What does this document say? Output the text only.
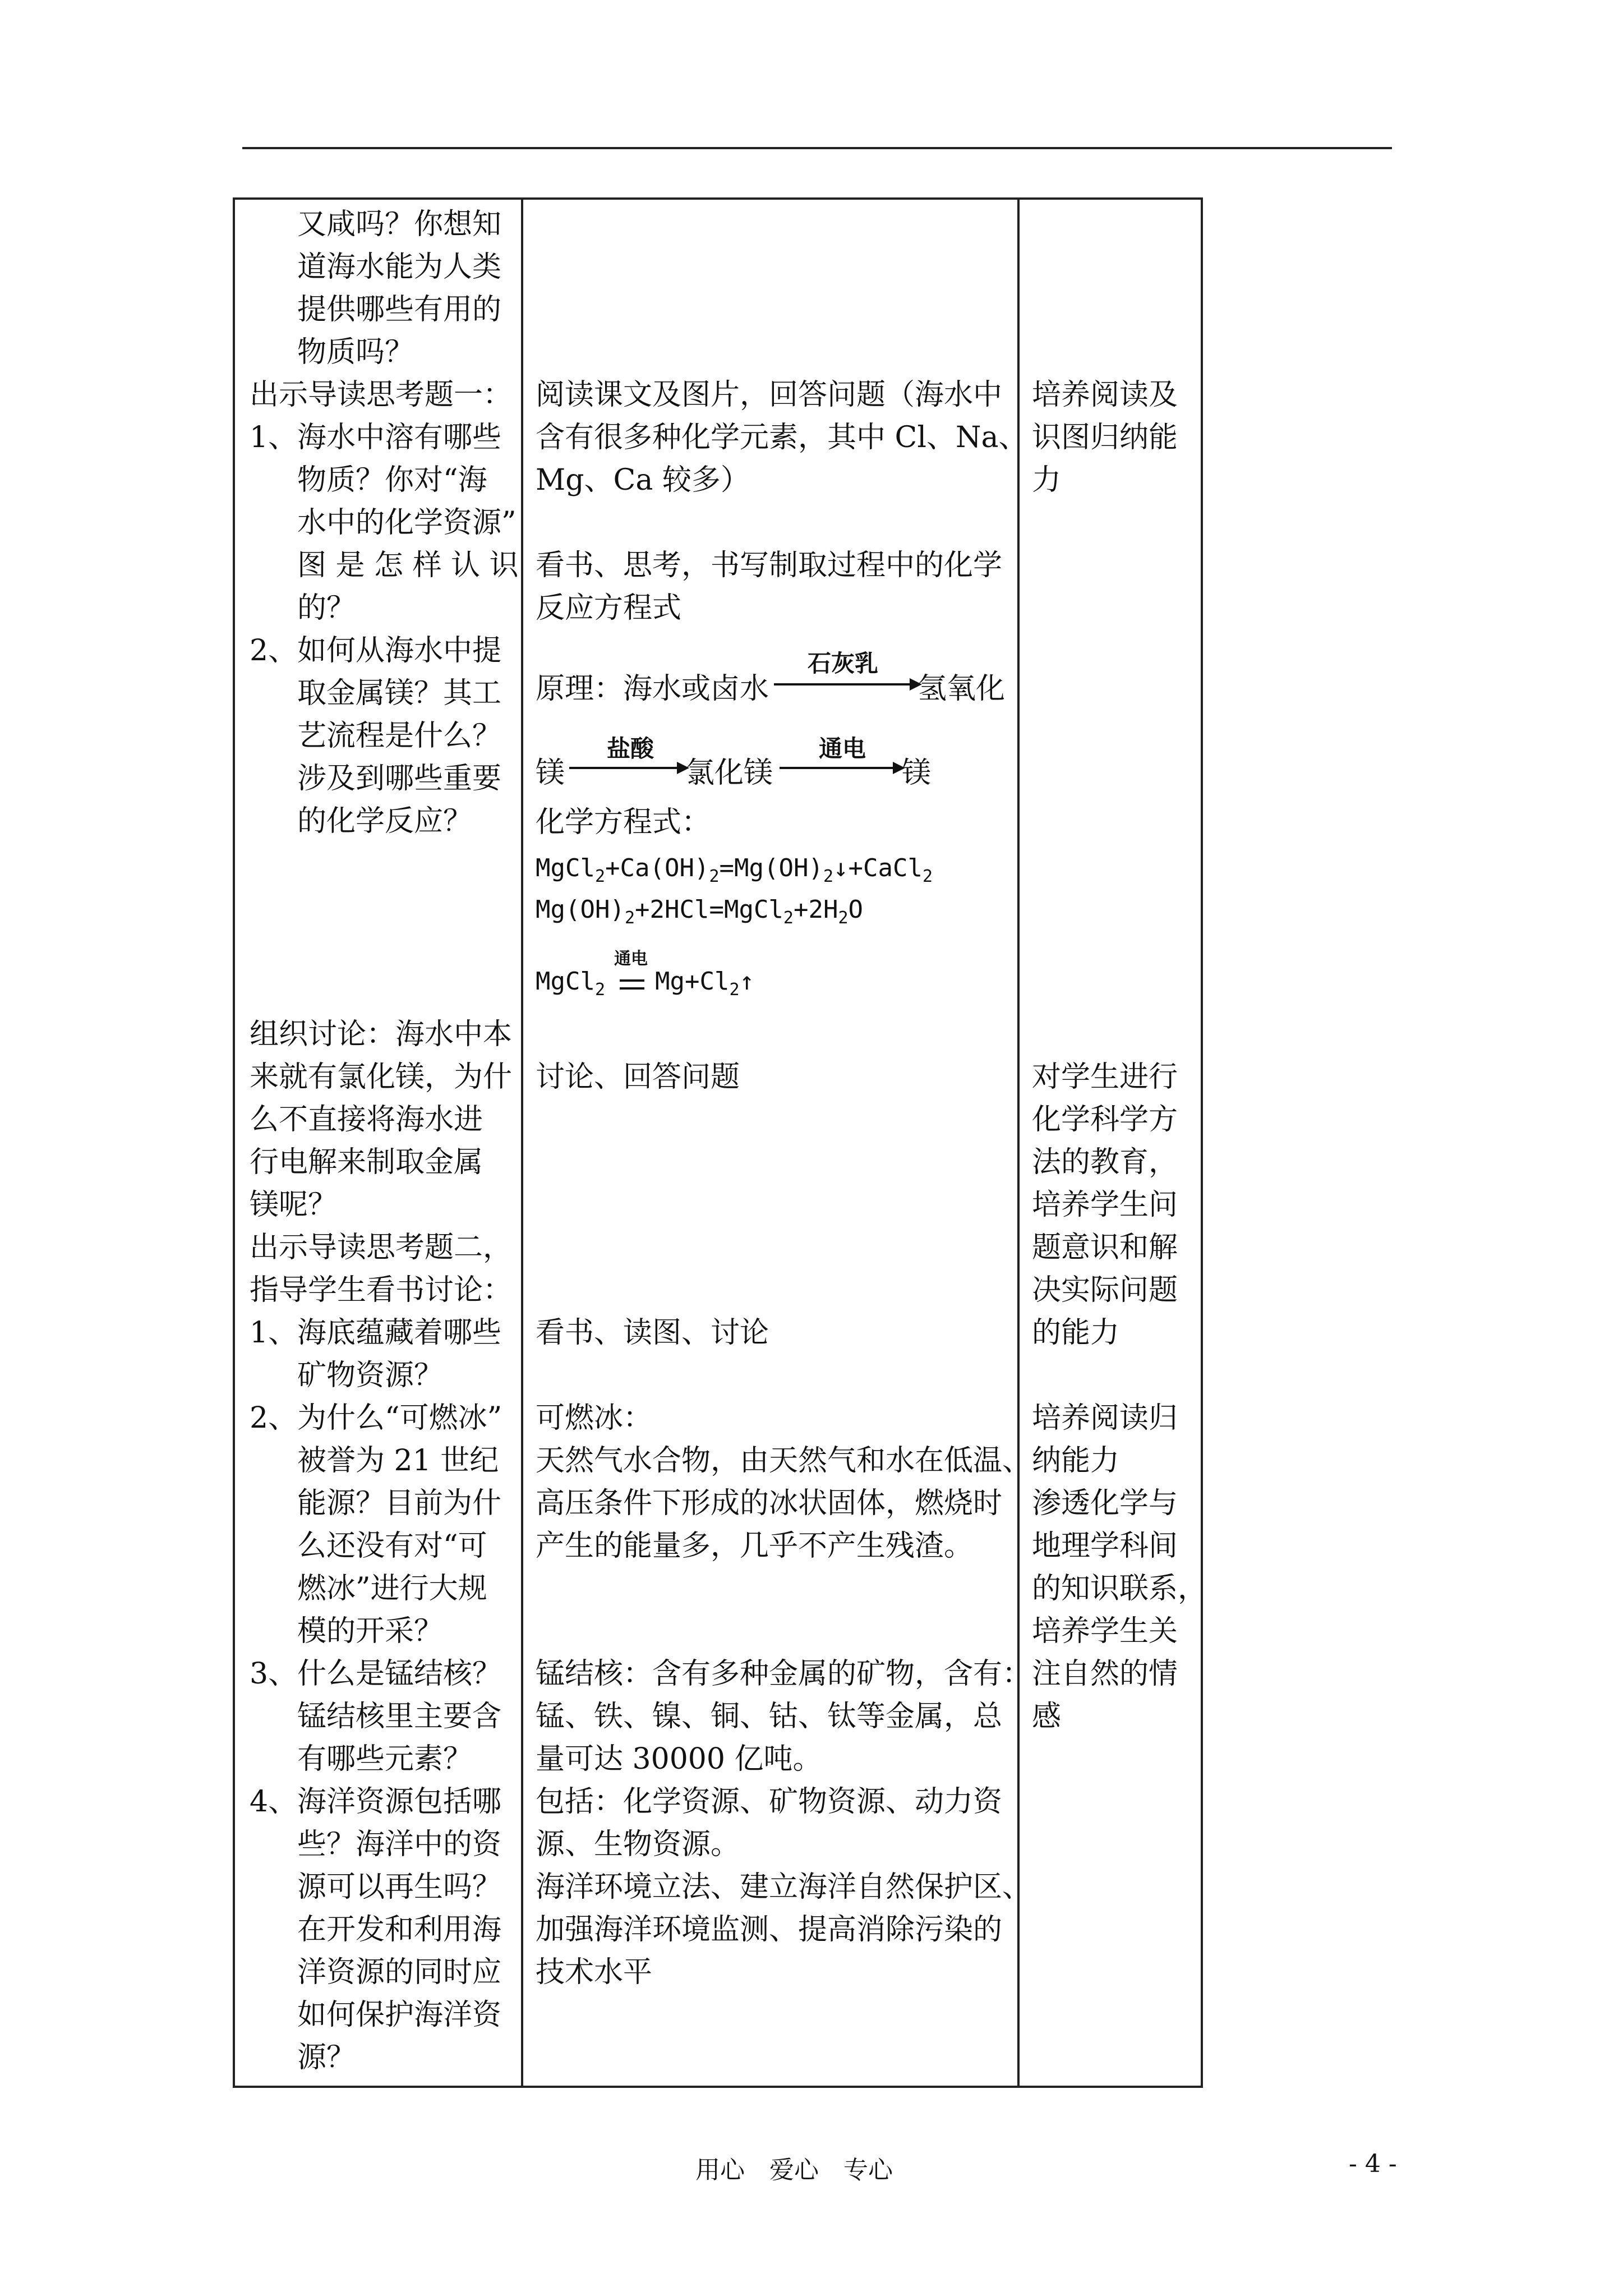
又咸吗？你想知
道海水能为人类
提供哪些有用的
物质吗？
出示导读思考题一：
1、 海水中溶有哪些
物质？你对“海
水中的化学资源”
图 是 怎 样 认 识
的？
2、 如何从海水中提
取金属镁？其工
艺流程是什么？
涉及到哪些重要
的化学反应？
组织讨论：海水中本
来就有氯化镁，为什
么不直接将海水进
行电解来制取金属
镁呢？
出示导读思考题二，
指导学生看书讨论：
1、 海底蕴藏着哪些
矿物资源？
2、 为什么“可燃冰”
被誉为 21 世纪
能源？目前为什
么还没有对“可
燃冰”进行大规
模的开采？
3、 什么是锰结核？
锰结核里主要含
有哪些元素？
4、 海洋资源包括哪
些？海洋中的资
源可以再生吗？
在开发和利用海
洋资源的同时应
如何保护海洋资
源？
阅读课文及图片，回答问题（海水中
含有很多种化学元素，其中 Cl、Na、
Mg、Ca 较多）
看书、思考，书写制取过程中的化学
反应方程式
原理：海水或卤水
石灰乳
氢氧化
镁
盐酸
氯化镁
通电
镁
化学方程式：
$MgCl_2+Ca(OH)_2=Mg(OH)_2↓+CaCl_2$
$Mg(OH)_2+2HCl=MgCl_2+2H_2O$
MgCl$_2$
通电
$Mg+Cl_2↑$
讨论、回答问题
看书、读图、讨论
可燃冰：
天然气水合物，由天然气和水在低温、
高压条件下形成的冰状固体，燃烧时
产生的能量多，几乎不产生残渣。
锰结核：含有多种金属的矿物，含有：
锰、铁、镍、铜、钴、钛等金属，总
量可达 30000 亿吨。
包括：化学资源、矿物资源、动力资
源、生物资源。
海洋环境立法、建立海洋自然保护区、
加强海洋环境监测、提高消除污染的
技术水平
培养阅读及
识图归纳能
力
对学生进行
化学科学方
法的教育，
培养学生问
题意识和解
决实际问题
的能力
培养阅读归
纳能力
渗透化学与
地理学科间
的知识联系，
培养学生关
注自然的情
感
用心　爱心　专心	- 4 -
